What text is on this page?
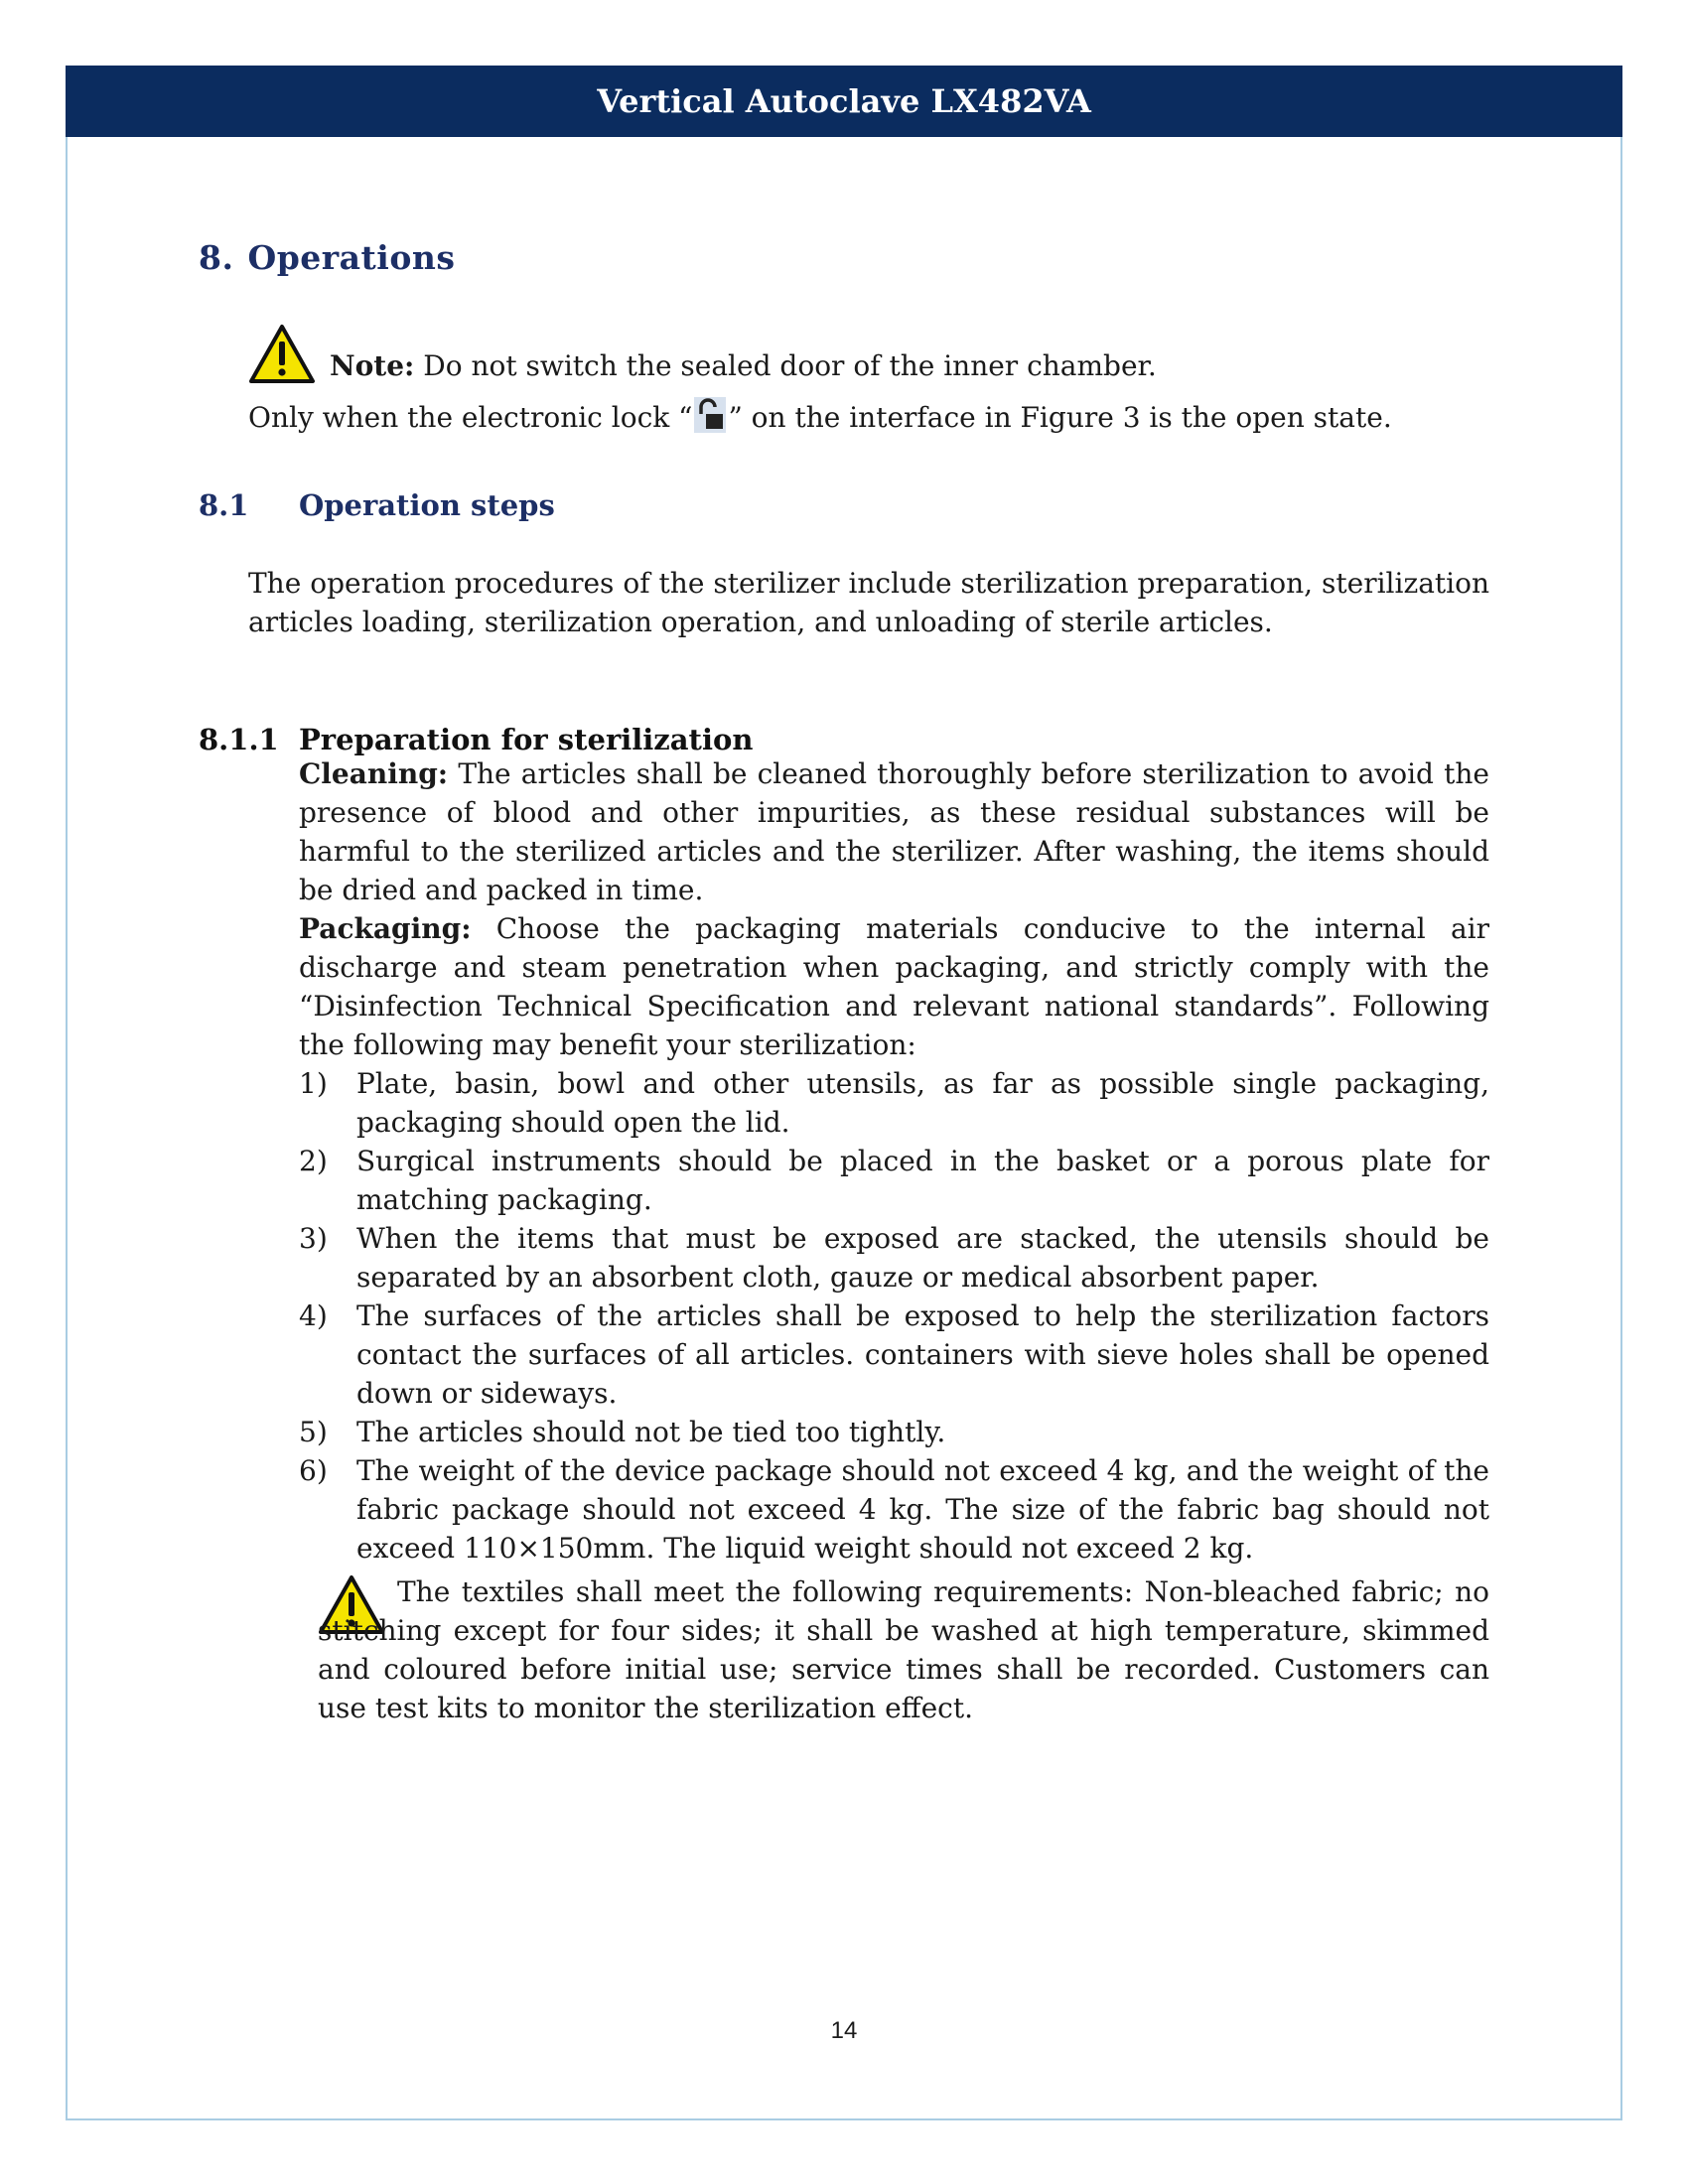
Vertical Autoclave LX482VA
8. Operations
Note: Do not switch the sealed door of the inner chamber.
Only when the electronic lock “ ” on the interface in Figure 3 is the open state.
8.1 Operation steps
The operation procedures of the sterilizer include sterilization preparation, sterilization articles loading, sterilization operation, and unloading of sterile articles.
8.1.1 Preparation for sterilization
Cleaning: The articles shall be cleaned thoroughly before sterilization to avoid the presence of blood and other impurities, as these residual substances will be harmful to the sterilized articles and the sterilizer. After washing, the items should be dried and packed in time.
Packaging: Choose the packaging materials conducive to the internal air discharge and steam penetration when packaging, and strictly comply with the “Disinfection Technical Specification and relevant national standards”. Following the following may benefit your sterilization:
1) Plate, basin, bowl and other utensils, as far as possible single packaging, packaging should open the lid.
2) Surgical instruments should be placed in the basket or a porous plate for matching packaging.
3) When the items that must be exposed are stacked, the utensils should be separated by an absorbent cloth, gauze or medical absorbent paper.
4) The surfaces of the articles shall be exposed to help the sterilization factors contact the surfaces of all articles. containers with sieve holes shall be opened down or sideways.
5) The articles should not be tied too tightly.
6) The weight of the device package should not exceed 4 kg, and the weight of the fabric package should not exceed 4 kg. The size of the fabric bag should not exceed 110×150mm. The liquid weight should not exceed 2 kg.
The textiles shall meet the following requirements: Non-bleached fabric; no stitching except for four sides; it shall be washed at high temperature, skimmed and coloured before initial use; service times shall be recorded. Customers can use test kits to monitor the sterilization effect.
14
